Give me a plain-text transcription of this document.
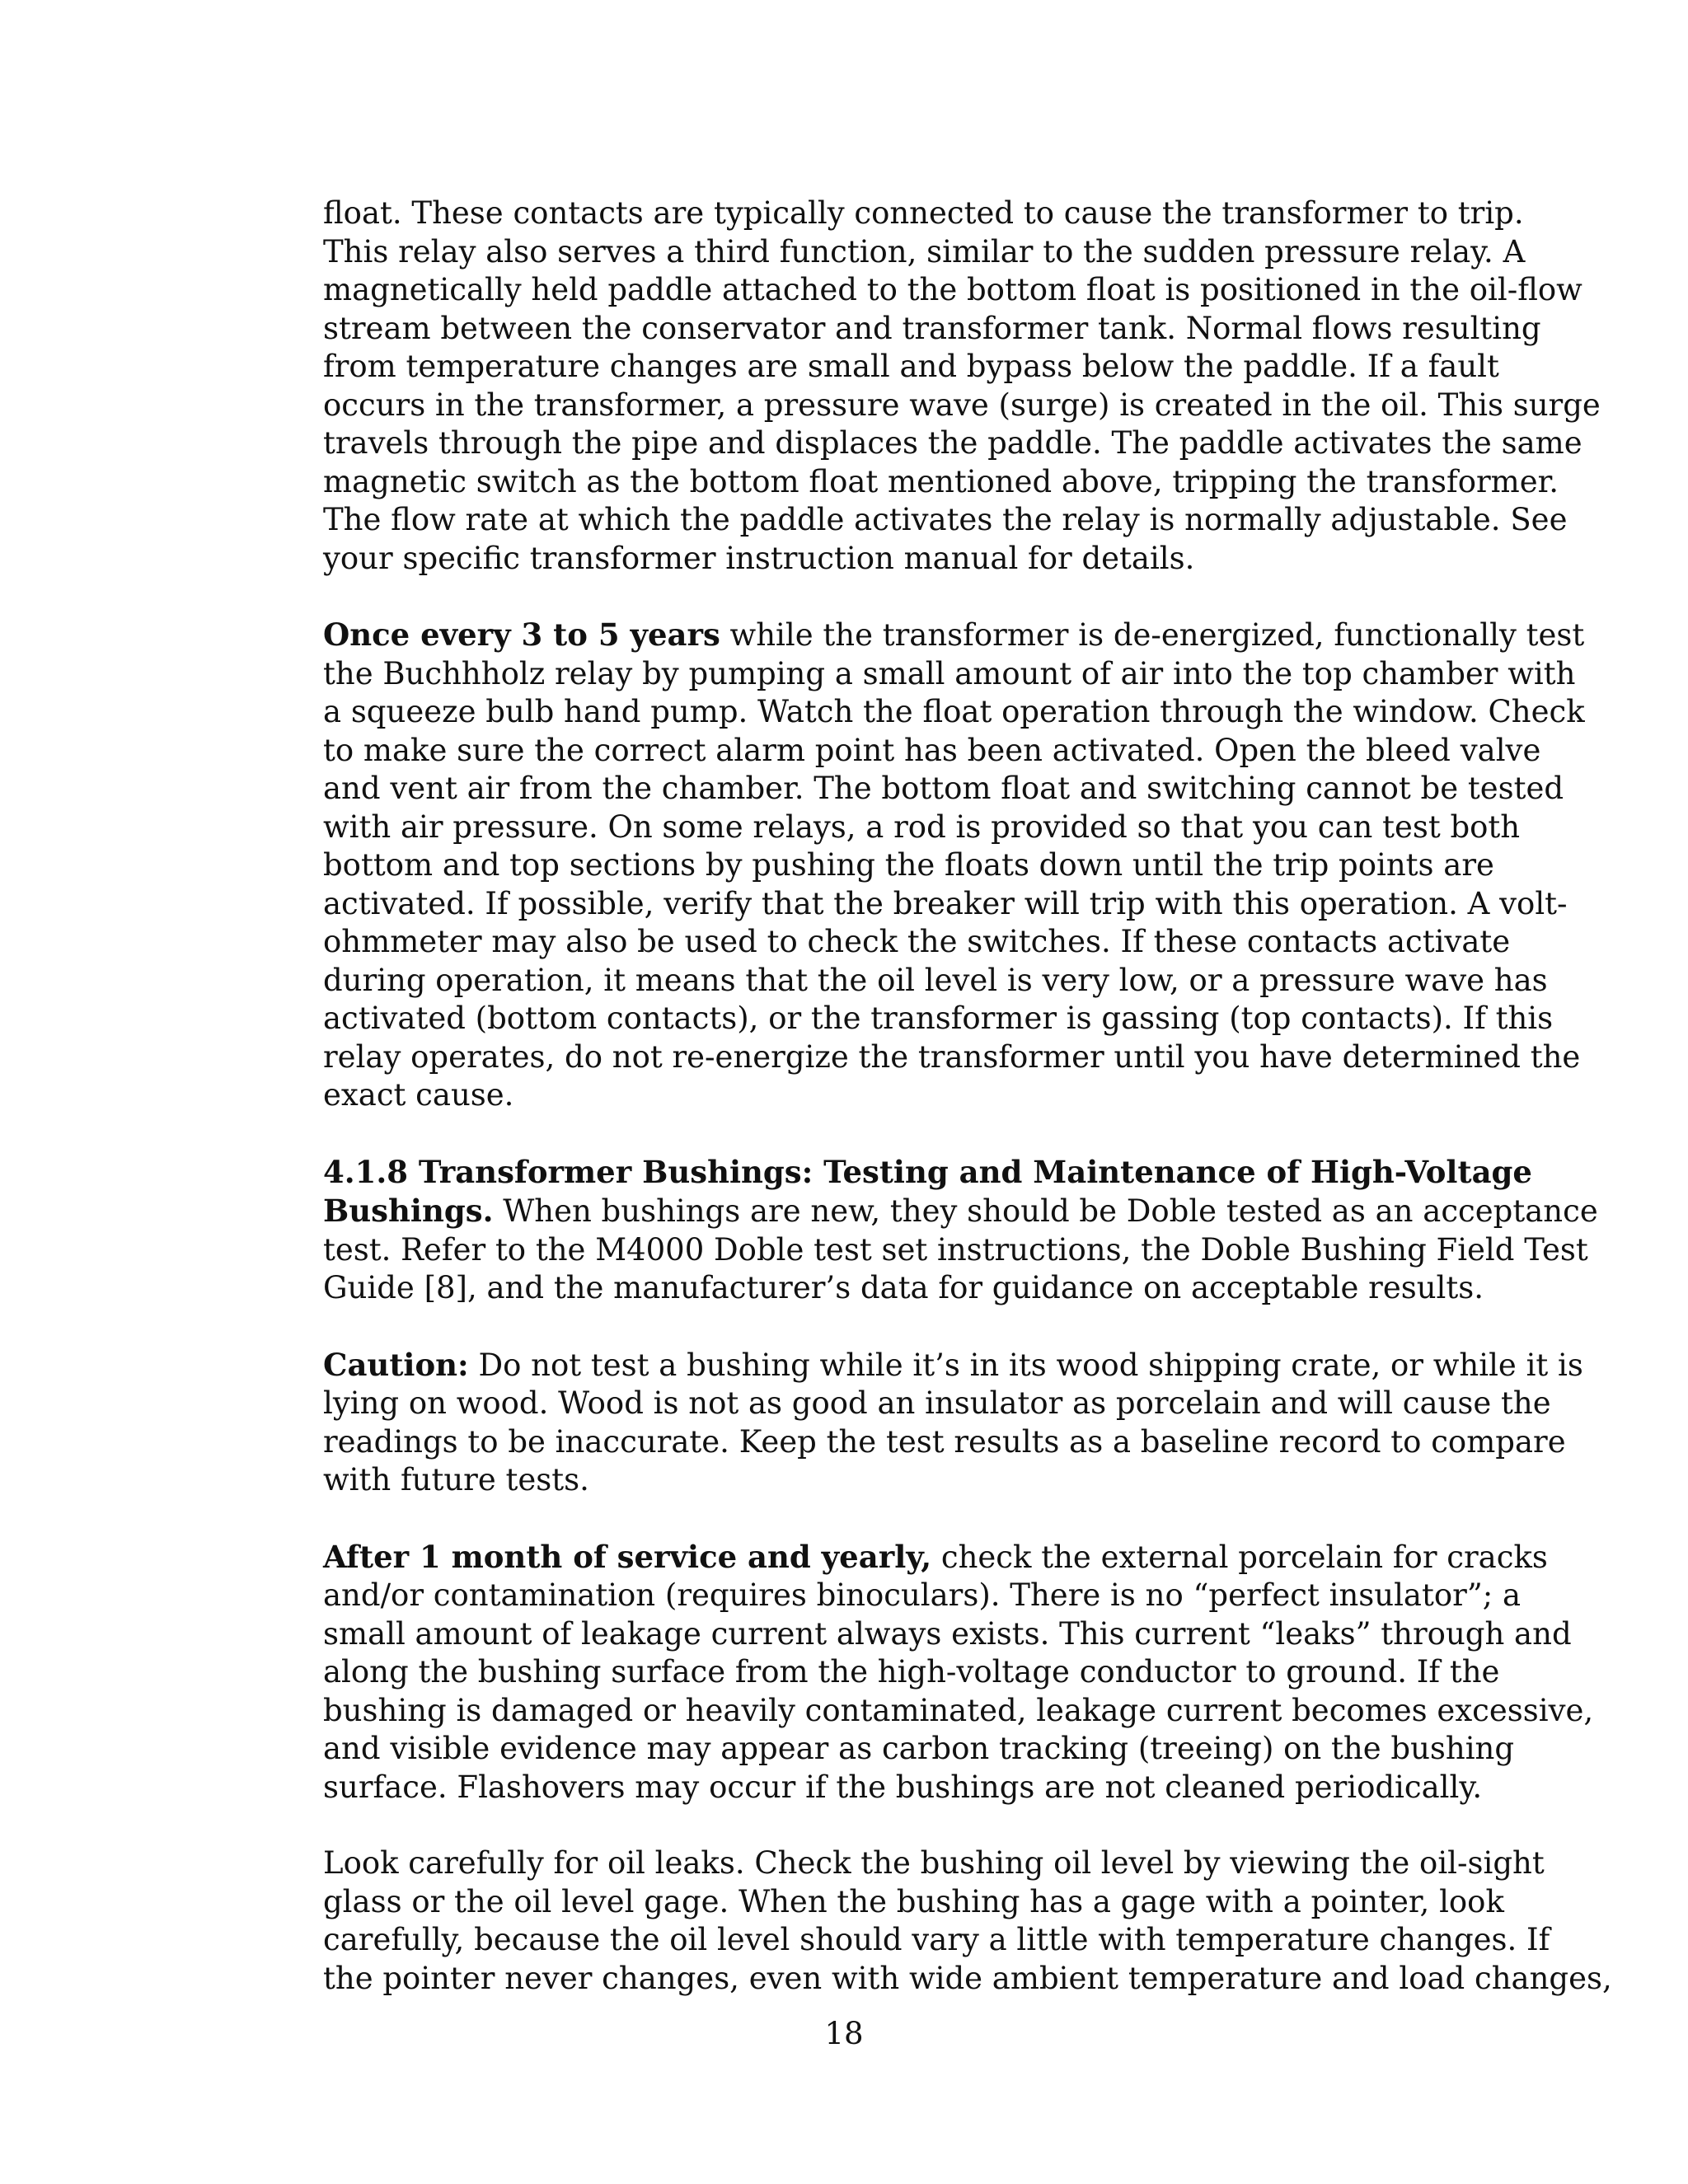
float. These contacts are typically connected to cause the transformer to trip.
This relay also serves a third function, similar to the sudden pressure relay. A
magnetically held paddle attached to the bottom float is positioned in the oil-flow
stream between the conservator and transformer tank. Normal flows resulting
from temperature changes are small and bypass below the paddle. If a fault
occurs in the transformer, a pressure wave (surge) is created in the oil. This surge
travels through the pipe and displaces the paddle. The paddle activates the same
magnetic switch as the bottom float mentioned above, tripping the transformer.
The flow rate at which the paddle activates the relay is normally adjustable. See
your specific transformer instruction manual for details.

Once every 3 to 5 years while the transformer is de-energized, functionally test
the Buchhholz relay by pumping a small amount of air into the top chamber with
a squeeze bulb hand pump. Watch the float operation through the window. Check
to make sure the correct alarm point has been activated. Open the bleed valve
and vent air from the chamber. The bottom float and switching cannot be tested
with air pressure. On some relays, a rod is provided so that you can test both
bottom and top sections by pushing the floats down until the trip points are
activated. If possible, verify that the breaker will trip with this operation. A volt-
ohmmeter may also be used to check the switches. If these contacts activate
during operation, it means that the oil level is very low, or a pressure wave has
activated (bottom contacts), or the transformer is gassing (top contacts). If this
relay operates, do not re-energize the transformer until you have determined the
exact cause.

4.1.8 Transformer Bushings: Testing and Maintenance of High-Voltage
Bushings. When bushings are new, they should be Doble tested as an acceptance
test. Refer to the M4000 Doble test set instructions, the Doble Bushing Field Test
Guide [8], and the manufacturer’s data for guidance on acceptable results.

Caution: Do not test a bushing while it’s in its wood shipping crate, or while it is
lying on wood. Wood is not as good an insulator as porcelain and will cause the
readings to be inaccurate. Keep the test results as a baseline record to compare
with future tests.

After 1 month of service and yearly, check the external porcelain for cracks
and/or contamination (requires binoculars). There is no “perfect insulator”; a
small amount of leakage current always exists. This current “leaks” through and
along the bushing surface from the high-voltage conductor to ground. If the
bushing is damaged or heavily contaminated, leakage current becomes excessive,
and visible evidence may appear as carbon tracking (treeing) on the bushing
surface. Flashovers may occur if the bushings are not cleaned periodically.

Look carefully for oil leaks. Check the bushing oil level by viewing the oil-sight
glass or the oil level gage. When the bushing has a gage with a pointer, look
carefully, because the oil level should vary a little with temperature changes. If
the pointer never changes, even with wide ambient temperature and load changes,

18
